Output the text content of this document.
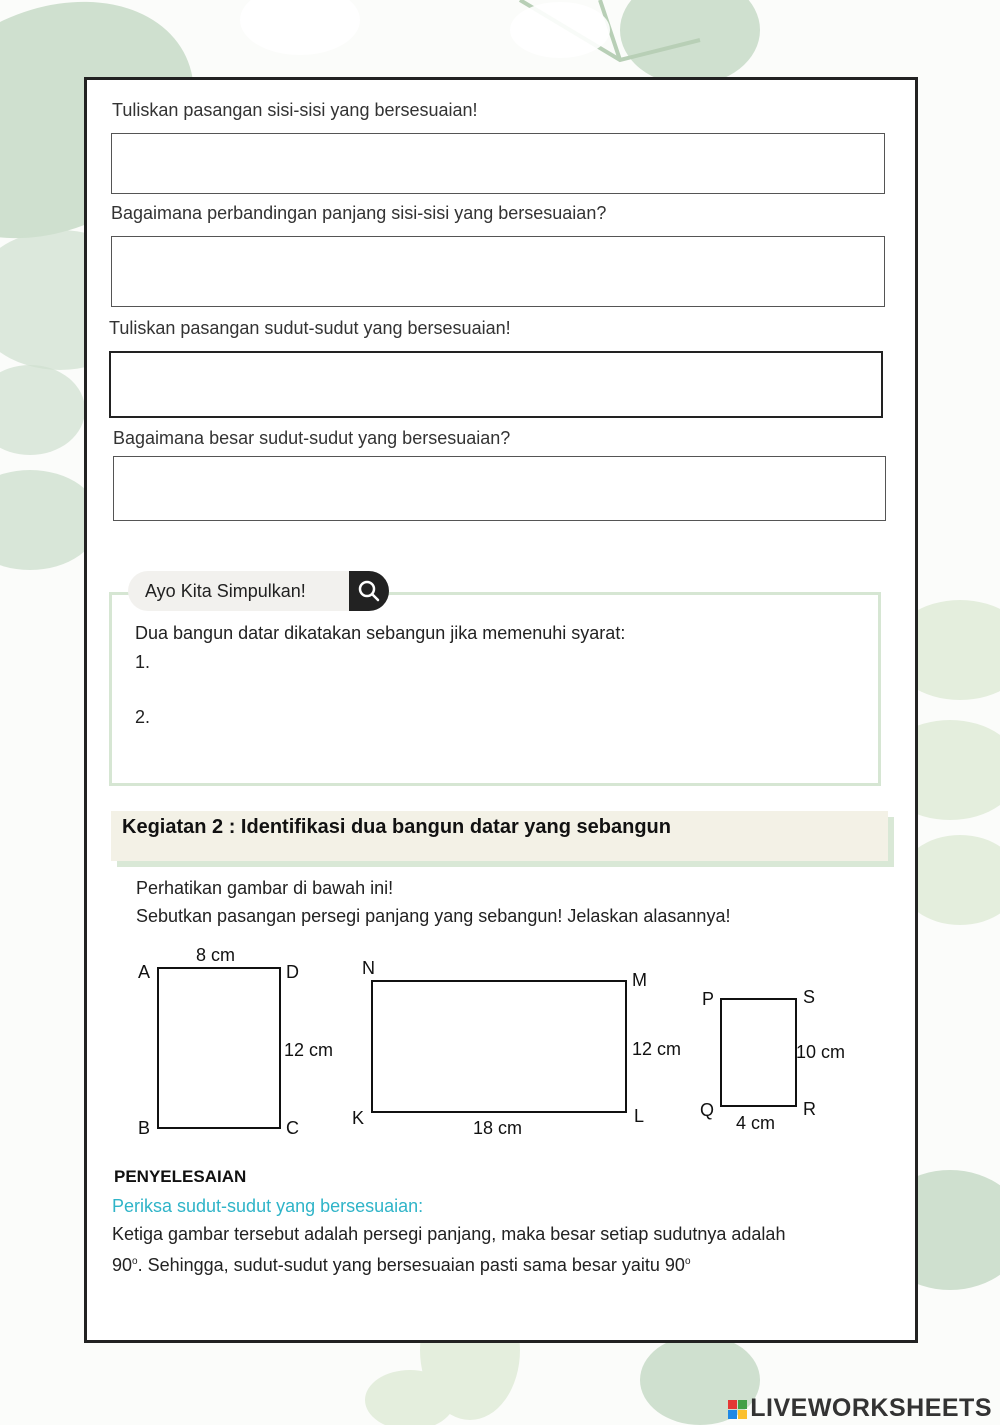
Tuliskan pasangan sisi-sisi yang bersesuaian!
Bagaimana perbandingan panjang sisi-sisi yang bersesuaian?
Tuliskan pasangan sudut-sudut yang bersesuaian!
Bagaimana besar sudut-sudut yang bersesuaian?
Ayo Kita Simpulkan!
Dua bangun datar dikatakan sebangun jika memenuhi syarat:
1.
2.
Kegiatan 2 : Identifikasi dua bangun datar yang sebangun
Perhatikan gambar di bawah ini!
Sebutkan pasangan persegi panjang yang sebangun! Jelaskan alasannya!
A	D
B	C
8 cm
12 cm
N
M
L
K	18 cm
12 cm
P	S
R
Q
4 cm
10 cm
PENYELESAIAN
Periksa sudut-sudut yang bersesuaian:
Ketiga gambar tersebut adalah persegi panjang, maka besar setiap sudutnya adalah
90$^o$. Sehingga, sudut-sudut yang bersesuaian pasti sama besar yaitu 90$^o$
LIVEWORKSHEETS
